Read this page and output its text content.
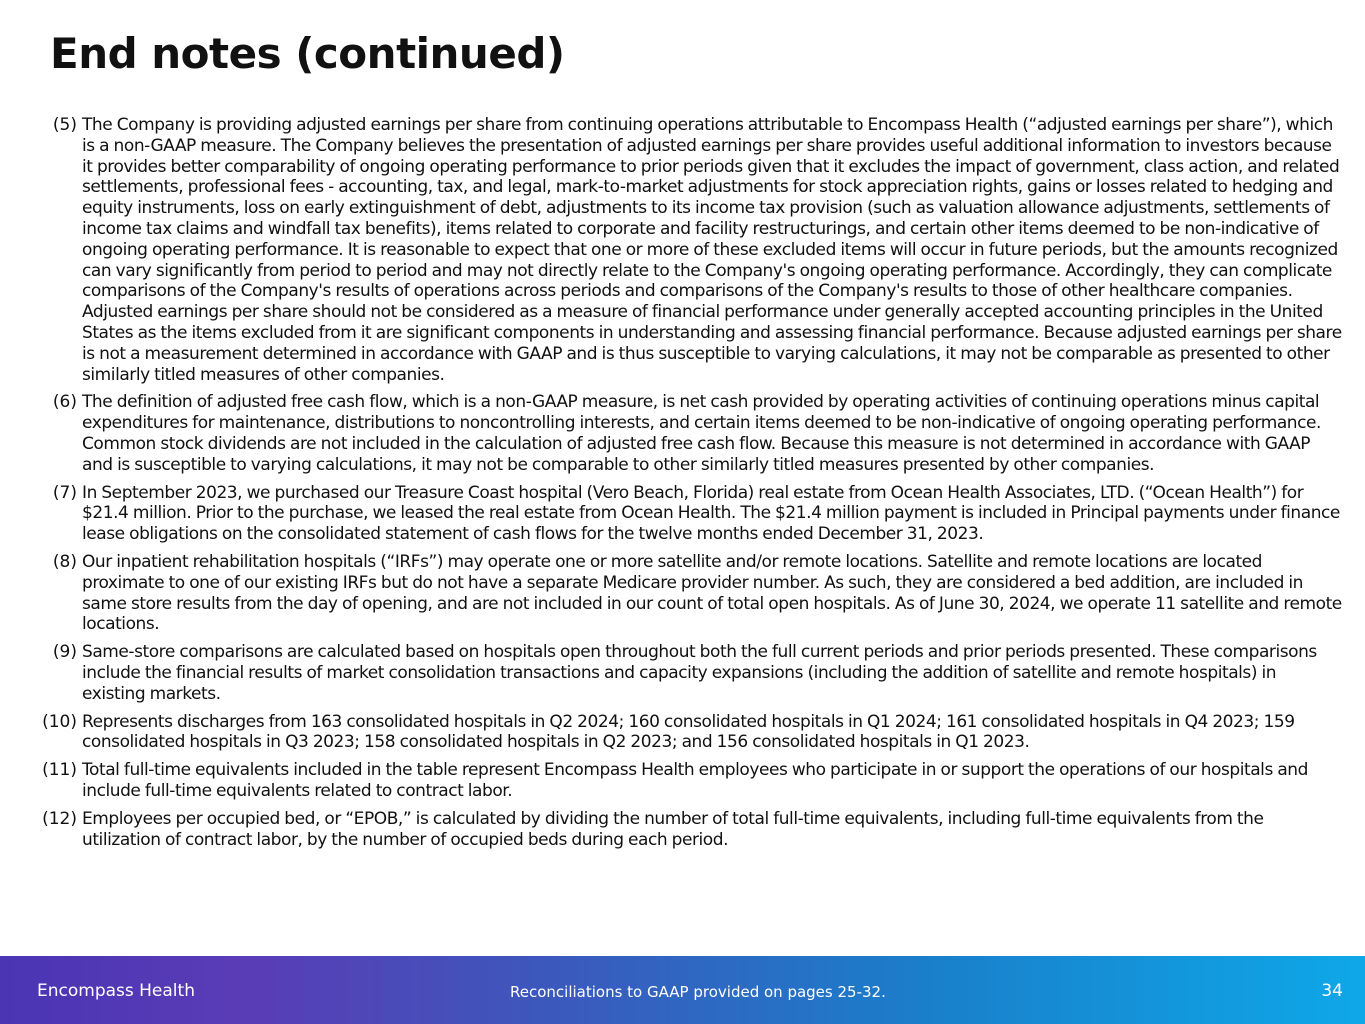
End notes (continued)
(5) The Company is providing adjusted earnings per share from continuing operations attributable to Encompass Health (“adjusted earnings per share”), which is a non-GAAP measure. The Company believes the presentation of adjusted earnings per share provides useful additional information to investors because it provides better comparability of ongoing operating performance to prior periods given that it excludes the impact of government, class action, and related settlements, professional fees - accounting, tax, and legal, mark-to-market adjustments for stock appreciation rights, gains or losses related to hedging and equity instruments, loss on early extinguishment of debt, adjustments to its income tax provision (such as valuation allowance adjustments, settlements of income tax claims and windfall tax benefits), items related to corporate and facility restructurings, and certain other items deemed to be non-indicative of ongoing operating performance. It is reasonable to expect that one or more of these excluded items will occur in future periods, but the amounts recognized can vary significantly from period to period and may not directly relate to the Company's ongoing operating performance. Accordingly, they can complicate comparisons of the Company's results of operations across periods and comparisons of the Company's results to those of other healthcare companies. Adjusted earnings per share should not be considered as a measure of financial performance under generally accepted accounting principles in the United States as the items excluded from it are significant components in understanding and assessing financial performance. Because adjusted earnings per share is not a measurement determined in accordance with GAAP and is thus susceptible to varying calculations, it may not be comparable as presented to other similarly titled measures of other companies.
(6) The definition of adjusted free cash flow, which is a non-GAAP measure, is net cash provided by operating activities of continuing operations minus capital expenditures for maintenance, distributions to noncontrolling interests, and certain items deemed to be non-indicative of ongoing operating performance. Common stock dividends are not included in the calculation of adjusted free cash flow. Because this measure is not determined in accordance with GAAP and is susceptible to varying calculations, it may not be comparable to other similarly titled measures presented by other companies.
(7) In September 2023, we purchased our Treasure Coast hospital (Vero Beach, Florida) real estate from Ocean Health Associates, LTD. (“Ocean Health”) for $21.4 million. Prior to the purchase, we leased the real estate from Ocean Health. The $21.4 million payment is included in Principal payments under finance lease obligations on the consolidated statement of cash flows for the twelve months ended December 31, 2023.
(8) Our inpatient rehabilitation hospitals (“IRFs”) may operate one or more satellite and/or remote locations. Satellite and remote locations are located proximate to one of our existing IRFs but do not have a separate Medicare provider number. As such, they are considered a bed addition, are included in same store results from the day of opening, and are not included in our count of total open hospitals. As of June 30, 2024, we operate 11 satellite and remote locations.
(9) Same-store comparisons are calculated based on hospitals open throughout both the full current periods and prior periods presented. These comparisons include the financial results of market consolidation transactions and capacity expansions (including the addition of satellite and remote hospitals) in existing markets.
(10) Represents discharges from 163 consolidated hospitals in Q2 2024; 160 consolidated hospitals in Q1 2024; 161 consolidated hospitals in Q4 2023; 159 consolidated hospitals in Q3 2023; 158 consolidated hospitals in Q2 2023; and 156 consolidated hospitals in Q1 2023.
(11) Total full-time equivalents included in the table represent Encompass Health employees who participate in or support the operations of our hospitals and include full-time equivalents related to contract labor.
(12) Employees per occupied bed, or “EPOB,” is calculated by dividing the number of total full-time equivalents, including full-time equivalents from the utilization of contract labor, by the number of occupied beds during each period.
Encompass Health	Reconciliations to GAAP provided on pages 25-32.	34
